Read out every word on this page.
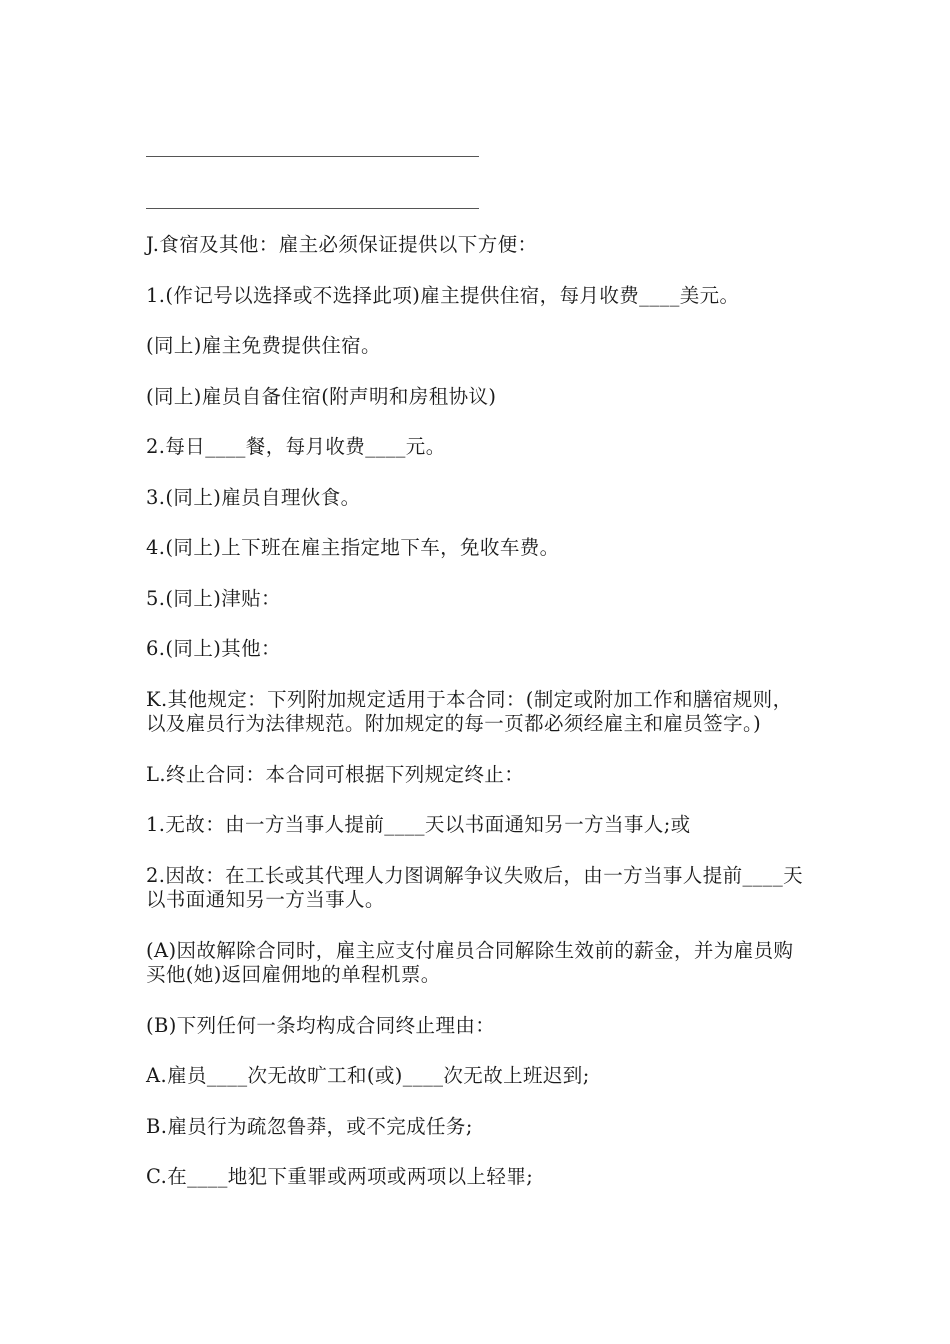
J.食宿及其他：雇主必须保证提供以下方便：

1.(作记号以选择或不选择此项)雇主提供住宿，每月收费____美元。

(同上)雇主免费提供住宿。

(同上)雇员自备住宿(附声明和房租协议)

2.每日____餐，每月收费____元。

3.(同上)雇员自理伙食。

4.(同上)上下班在雇主指定地下车，免收车费。

5.(同上)津贴：

6.(同上)其他：

K.其他规定：下列附加规定适用于本合同：(制定或附加工作和膳宿规则，以及雇员行为法律规范。附加规定的每一页都必须经雇主和雇员签字。)

L.终止合同：本合同可根据下列规定终止：

1.无故：由一方当事人提前____天以书面通知另一方当事人;或

2.因故：在工长或其代理人力图调解争议失败后，由一方当事人提前____天以书面通知另一方当事人。

(A)因故解除合同时，雇主应支付雇员合同解除生效前的薪金，并为雇员购买他(她)返回雇佣地的单程机票。

(B)下列任何一条均构成合同终止理由：

A.雇员____次无故旷工和(或)____次无故上班迟到;

B.雇员行为疏忽鲁莽，或不完成任务;

C.在____地犯下重罪或两项或两项以上轻罪;
